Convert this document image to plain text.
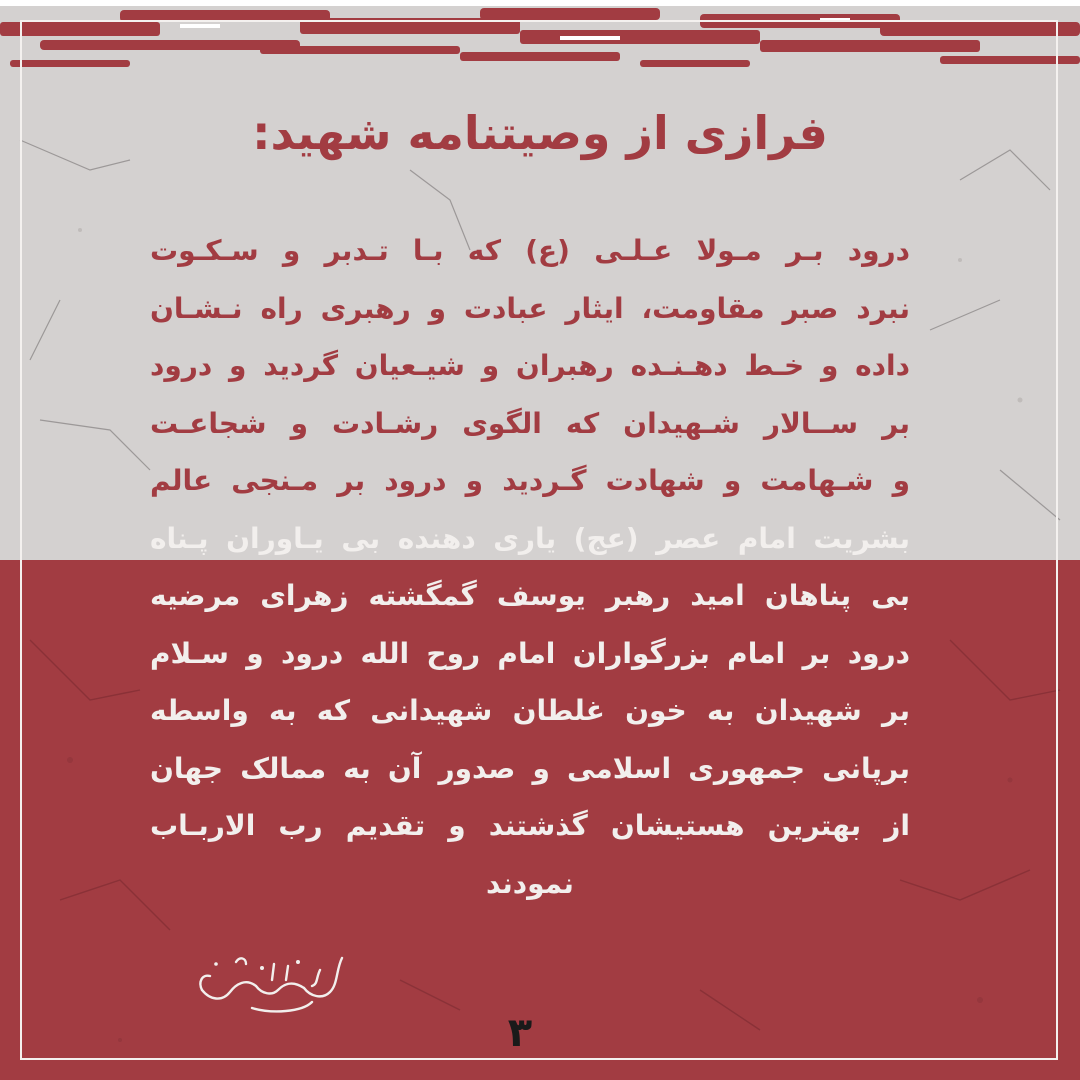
فرازی از وصیتنامه شهید:
درود بـر مـولا عـلـی (ع) که بـا تـدبر و سـکـوت
نبرد صبر مقاومت، ایثار عبادت و رهبری راه نـشـان
داده و خـط دهـنـده رهبران و شیـعیان گردید و درود
بر ســالار شـهیدان که الگوی رشـادت و شجاعـت
و شـهامت و شهادت گـردید و درود بر مـنجی عالم
بشریت امام عصر (عج) یاری دهنده بی یـاوران پـناه
بی پناهان امید رهبر یوسف گمگشته زهرای مرضیه
درود بر امام بزرگواران امام روح الله درود و سـلام
بر شهیدان به خون غلطان شهیدانی که به واسطه
برپانی جمهوری اسلامی و صدور آن به ممالک جهان
از بهترین هستیشان گذشتند و تقدیم رب الاربـاب
نمودند
۳
